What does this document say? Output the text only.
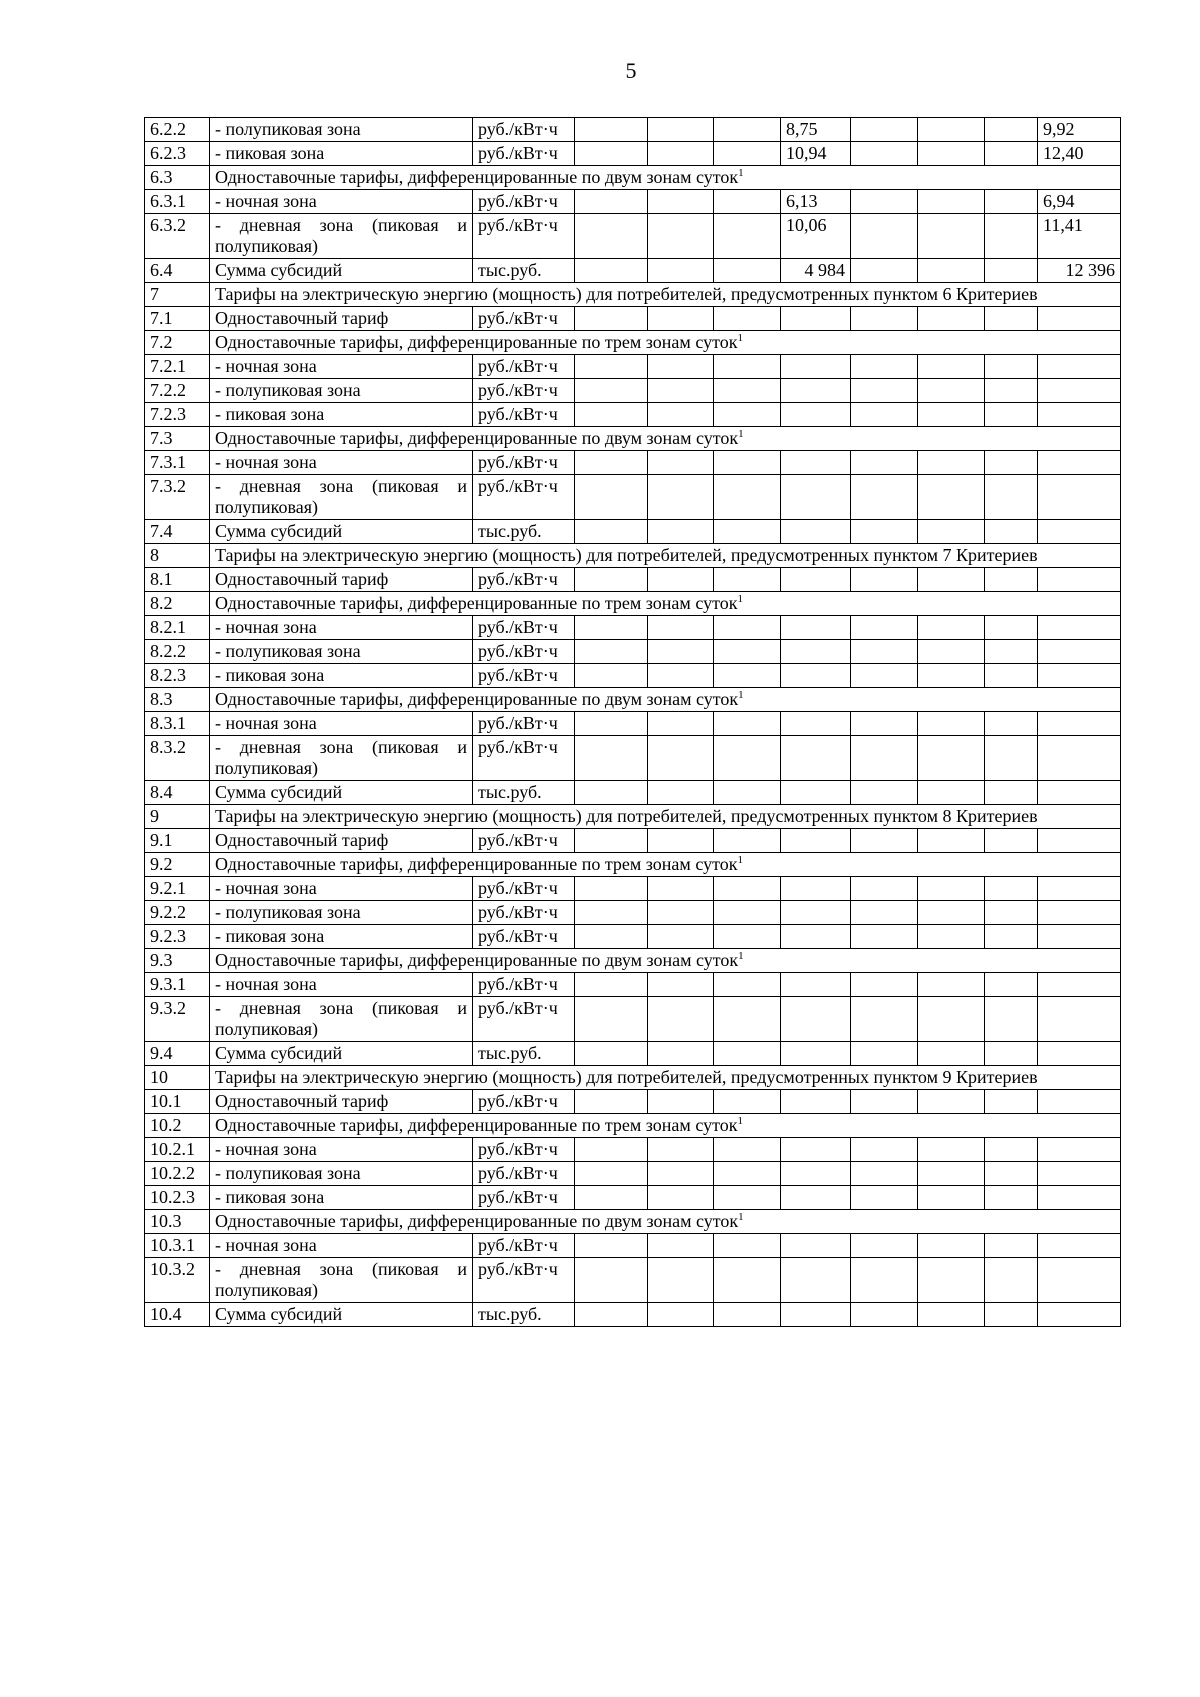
5
6.2.2	- полупиковая зона	руб./кВт·ч				8,75				9,92
6.2.3	- пиковая зона	руб./кВт·ч				10,94				12,40
6.3	Одноставочные тарифы, дифференцированные по двум зонам суток$^1$
6.3.1	- ночная зона	руб./кВт·ч				6,13				6,94
6.3.2	- дневная зона (пиковая и полупиковая)	руб./кВт·ч				10,06				11,41
6.4	Сумма субсидий	тыс.руб.				4 984				12 396
7	Тарифы на электрическую энергию (мощность) для потребителей, предусмотренных пунктом 6 Критериев									
7.1	Одноставочный тариф	руб./кВт·ч								
7.2	Одноставочные тарифы, дифференцированные по трем зонам суток$^1$
7.2.1	- ночная зона	руб./кВт·ч								
7.2.2	- полупиковая зона	руб./кВт·ч								
7.2.3	- пиковая зона	руб./кВт·ч								
7.3	Одноставочные тарифы, дифференцированные по двум зонам суток$^1$
7.3.1	- ночная зона	руб./кВт·ч								
7.3.2	- дневная зона (пиковая и полупиковая)	руб./кВт·ч								
7.4	Сумма субсидий	тыс.руб.								
8	Тарифы на электрическую энергию (мощность) для потребителей, предусмотренных пунктом 7 Критериев									
8.1	Одноставочный тариф	руб./кВт·ч								
8.2	Одноставочные тарифы, дифференцированные по трем зонам суток$^1$
8.2.1	- ночная зона	руб./кВт·ч								
8.2.2	- полупиковая зона	руб./кВт·ч								
8.2.3	- пиковая зона	руб./кВт·ч								
8.3	Одноставочные тарифы, дифференцированные по двум зонам суток$^1$
8.3.1	- ночная зона	руб./кВт·ч								
8.3.2	- дневная зона (пиковая и полупиковая)	руб./кВт·ч								
8.4	Сумма субсидий	тыс.руб.								
9	Тарифы на электрическую энергию (мощность) для потребителей, предусмотренных пунктом 8 Критериев									
9.1	Одноставочный тариф	руб./кВт·ч								
9.2	Одноставочные тарифы, дифференцированные по трем зонам суток$^1$
9.2.1	- ночная зона	руб./кВт·ч								
9.2.2	- полупиковая зона	руб./кВт·ч								
9.2.3	- пиковая зона	руб./кВт·ч								
9.3	Одноставочные тарифы, дифференцированные по двум зонам суток$^1$
9.3.1	- ночная зона	руб./кВт·ч								
9.3.2	- дневная зона (пиковая и полупиковая)	руб./кВт·ч								
9.4	Сумма субсидий	тыс.руб.								
10	Тарифы на электрическую энергию (мощность) для потребителей, предусмотренных пунктом 9 Критериев									
10.1	Одноставочный тариф	руб./кВт·ч								
10.2	Одноставочные тарифы, дифференцированные по трем зонам суток$^1$
10.2.1	- ночная зона	руб./кВт·ч								
10.2.2	- полупиковая зона	руб./кВт·ч								
10.2.3	- пиковая зона	руб./кВт·ч								
10.3	Одноставочные тарифы, дифференцированные по двум зонам суток$^1$
10.3.1	- ночная зона	руб./кВт·ч								
10.3.2	- дневная зона (пиковая и полупиковая)	руб./кВт·ч								
10.4	Сумма субсидий	тыс.руб.								
